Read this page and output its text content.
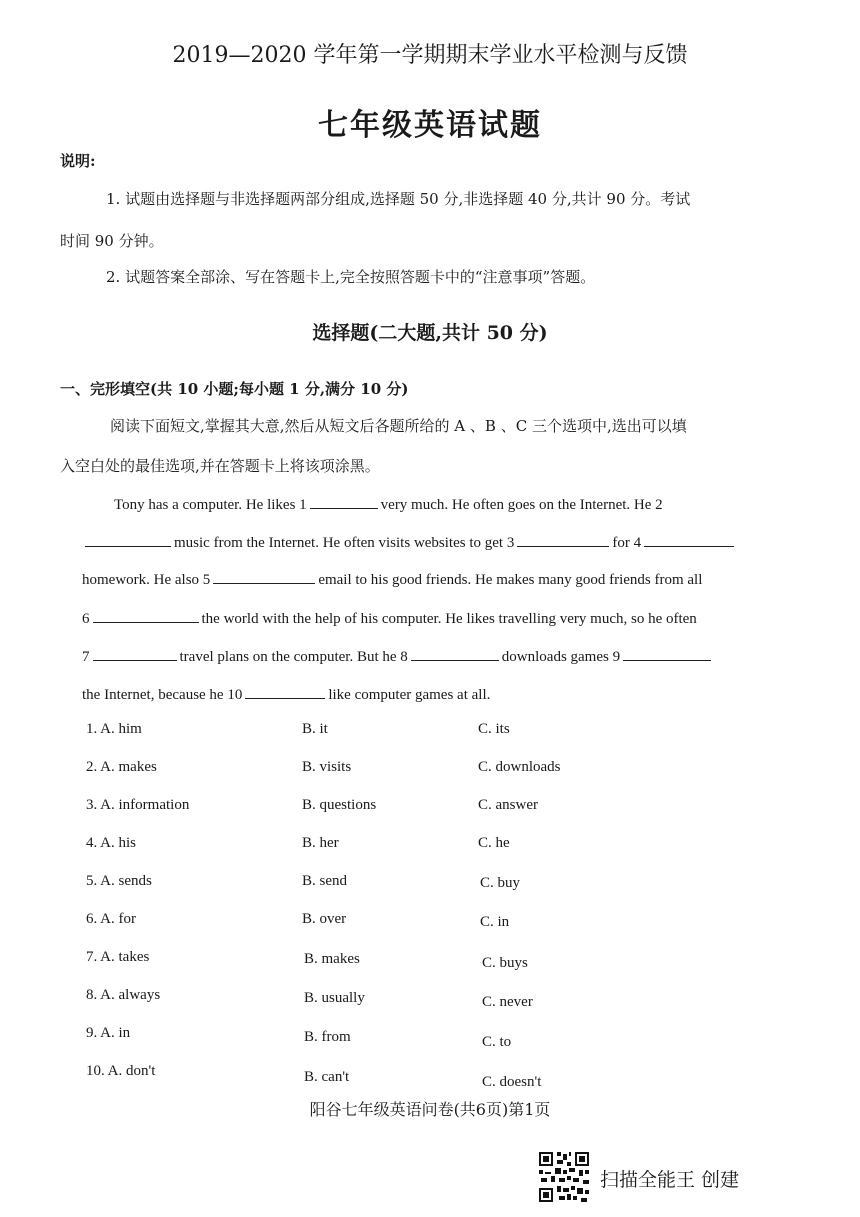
2019—2020 学年第一学期期末学业水平检测与反馈
七年级英语试题
说明:
1. 试题由选择题与非选择题两部分组成,选择题 50 分,非选择题 40 分,共计 90 分。考试
时间 90 分钟。
2. 试题答案全部涂、写在答题卡上,完全按照答题卡中的“注意事项”答题。
选择题(二大题,共计 50 分)
一、完形填空(共 10 小题;每小题 1 分,满分 10 分)
阅读下面短文,掌握其大意,然后从短文后各题所给的 A 、B 、C 三个选项中,选出可以填
入空白处的最佳选项,并在答题卡上将该项涂黑。
Tony has a computer. He likes 1	very much. He often goes on the Internet. He 2
music from the Internet. He often visits websites to get 3	for 4
homework. He also 5	email to his good friends. He makes many good friends from all
6	the world with the help of his computer. He likes travelling very much, so he often
7	travel plans on the computer. But he 8	downloads games 9
the Internet, because he 10	like computer games at all.
1. A. him	B. it	C. its
2. A. makes	B. visits	C. downloads
3. A. information	B. questions	C. answer
4. A. his	B. her	C. he
5. A. sends	B. send	C. buy
6. A. for	B. over	C. in
7. A. takes	B. makes	C. buys
8. A. always	B. usually	C. never
9. A. in	B. from	C. to
10. A. don't	B. can't	C. doesn't
阳谷七年级英语问卷(共6页)第1页
扫描全能王 创建
